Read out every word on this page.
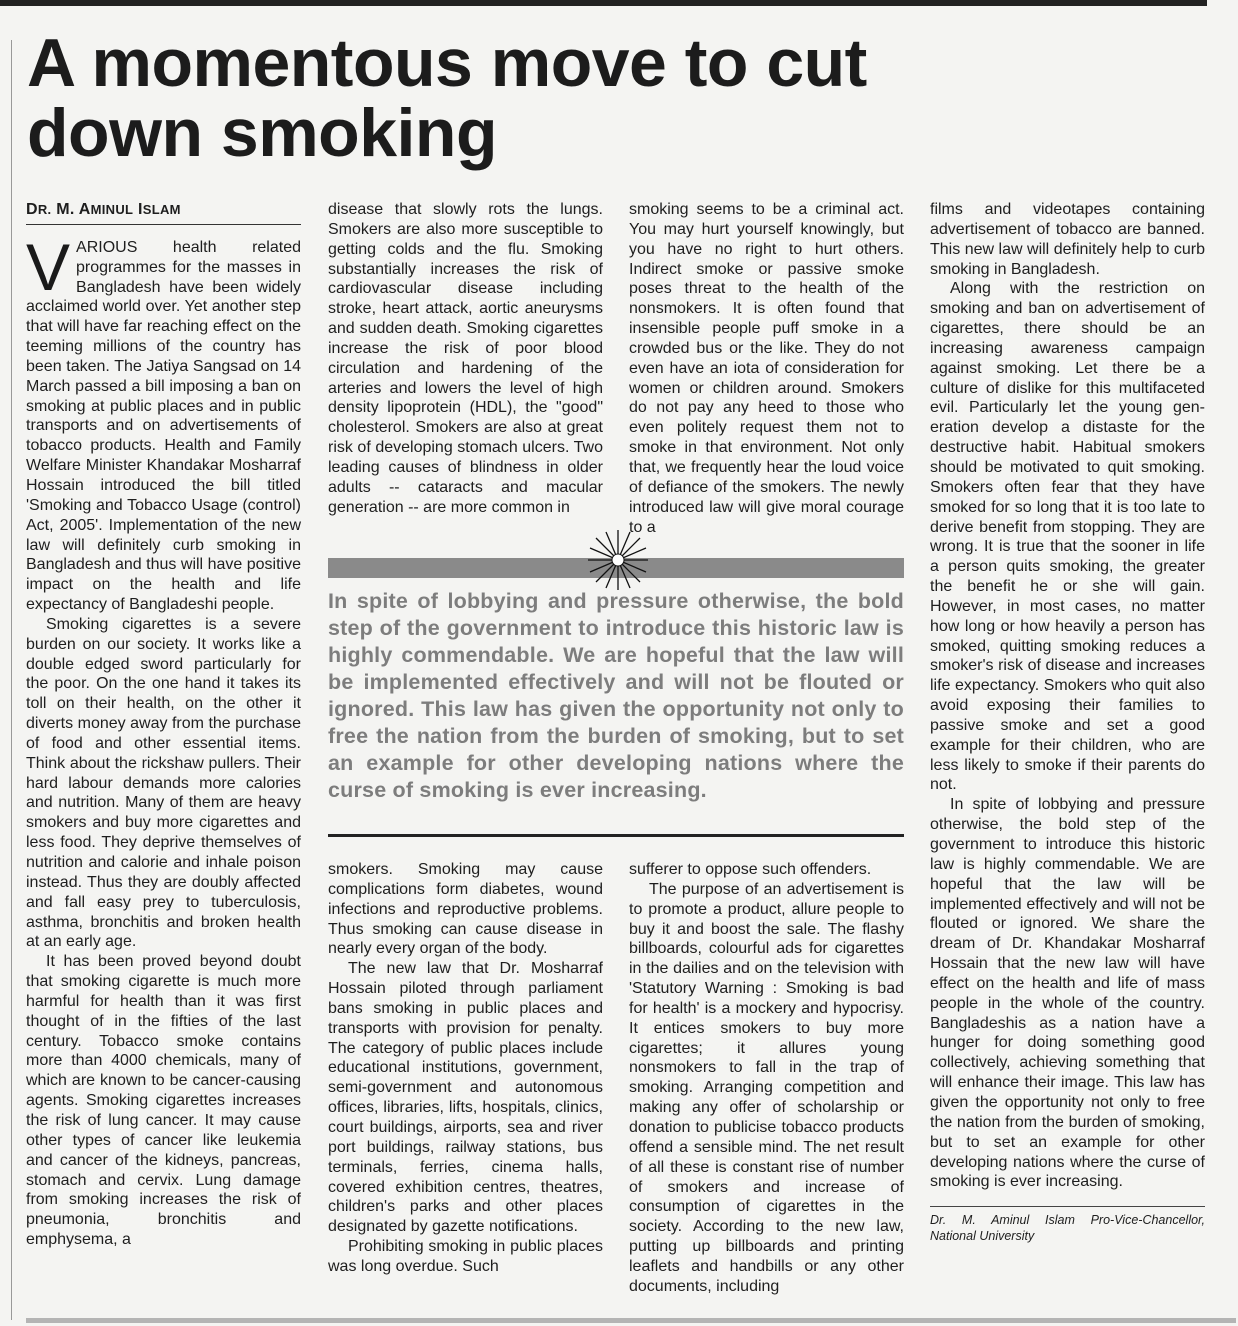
A momentous move to cut down smoking
DR. M. AMINUL ISLAM

VARIOUS health related programmes for the masses in Bangladesh have been widely acclaimed world over. Yet another step that will have far reaching effect on the teeming millions of the country has been taken. The Jatiya Sangsad on 14 March passed a bill imposing a ban on smoking at public places and in public transports and on advertisements of tobacco products. Health and Family Welfare Minister Khandakar Mosharraf Hossain introduced the bill titled 'Smoking and Tobacco Usage (control) Act, 2005'. Implementation of the new law will definitely curb smoking in Bangladesh and thus will have positive impact on the health and life expectancy of Bangladeshi people.

Smoking cigarettes is a severe burden on our society. It works like a double edged sword particularly for the poor. On the one hand it takes its toll on their health, on the other it diverts money away from the purchase of food and other essential items. Think about the rickshaw pullers. Their hard labour demands more calories and nutrition. Many of them are heavy smokers and buy more cigarettes and less food. They deprive themselves of nutrition and calorie and inhale poison instead. Thus they are doubly affected and fall easy prey to tuberculosis, asthma, bronchitis and broken health at an early age.

It has been proved beyond doubt that smoking cigarette is much more harmful for health than it was first thought of in the fifties of the last century. Tobacco smoke contains more than 4000 chemicals, many of which are known to be cancer-causing agents. Smoking cigarettes increases the risk of lung cancer. It may cause other types of cancer like leukemia and cancer of the kidneys, pancreas, stomach and cervix. Lung damage from smoking increases the risk of pneumonia, bronchitis and emphysema, a

disease that slowly rots the lungs. Smokers are also more susceptible to getting colds and the flu. Smoking substantially increases the risk of cardiovascular disease including stroke, heart attack, aortic aneurysms and sudden death. Smoking cigarettes increase the risk of poor blood circulation and hardening of the arteries and lowers the level of high density lipoprotein (HDL), the "good" cholesterol. Smokers are also at great risk of developing stomach ulcers. Two leading causes of blindness in older adults -- cataracts and macular generation -- are more common in

smoking seems to be a criminal act. You may hurt yourself knowingly, but you have no right to hurt others. Indirect smoke or passive smoke poses threat to the health of the nonsmokers. It is often found that insensible people puff smoke in a crowded bus or the like. They do not even have an iota of consideration for women or children around. Smokers do not pay any heed to those who even politely request them not to smoke in that environment. Not only that, we frequently hear the loud voice of defiance of the smokers. The newly introduced law will give moral courage to a

In spite of lobbying and pressure otherwise, the bold step of the government to introduce this historic law is highly commendable. We are hopeful that the law will be implemented effectively and will not be flouted or ignored. This law has given the opportunity not only to free the nation from the burden of smoking, but to set an example for other developing nations where the curse of smoking is ever increasing.

smokers. Smoking may cause complications form diabetes, wound infections and reproductive problems. Thus smoking can cause disease in nearly every organ of the body.

The new law that Dr. Mosharraf Hossain piloted through parliament bans smoking in public places and transports with provision for penalty. The category of public places include educational institutions, government, semi-government and autonomous offices, libraries, lifts, hospitals, clinics, court buildings, airports, sea and river port buildings, railway stations, bus terminals, ferries, cinema halls, covered exhibition centres, theatres, children's parks and other places designated by gazette notifications.

Prohibiting smoking in public places was long overdue. Such

sufferer to oppose such offenders.

The purpose of an advertisement is to promote a product, allure people to buy it and boost the sale. The flashy billboards, colourful ads for cigarettes in the dailies and on the television with 'Statutory Warning : Smoking is bad for health' is a mockery and hypocrisy. It entices smokers to buy more cigarettes; it allures young nonsmokers to fall in the trap of smoking. Arranging competition and making any offer of scholarship or donation to publicise tobacco products offend a sensible mind. The net result of all these is constant rise of number of smokers and increase of consumption of cigarettes in the society. According to the new law, putting up billboards and printing leaflets and handbills or any other documents, including

films and videotapes containing advertisement of tobacco are banned. This new law will definitely help to curb smoking in Bangladesh.

Along with the restriction on smoking and ban on advertisement of cigarettes, there should be an increasing awareness campaign against smoking. Let there be a culture of dislike for this multifaceted evil. Particularly let the young generation develop a distaste for the destructive habit. Habitual smokers should be motivated to quit smoking. Smokers often fear that they have smoked for so long that it is too late to derive benefit from stopping. They are wrong. It is true that the sooner in life a person quits smoking, the greater the benefit he or she will gain. However, in most cases, no matter how long or how heavily a person has smoked, quitting smoking reduces a smoker's risk of disease and increases life expectancy. Smokers who quit also avoid exposing their families to passive smoke and set a good example for their children, who are less likely to smoke if their parents do not.

In spite of lobbying and pressure otherwise, the bold step of the government to introduce this historic law is highly commendable. We are hopeful that the law will be implemented effectively and will not be flouted or ignored. We share the dream of Dr. Khandakar Mosharraf Hossain that the new law will have effect on the health and life of mass people in the whole of the country. Bangladeshis as a nation have a hunger for doing something good collectively, achieving something that will enhance their image. This law has given the opportunity not only to free the nation from the burden of smoking, but to set an example for other developing nations where the curse of smoking is ever increasing.

Dr. M. Aminul Islam Pro-Vice-Chancellor, National University
